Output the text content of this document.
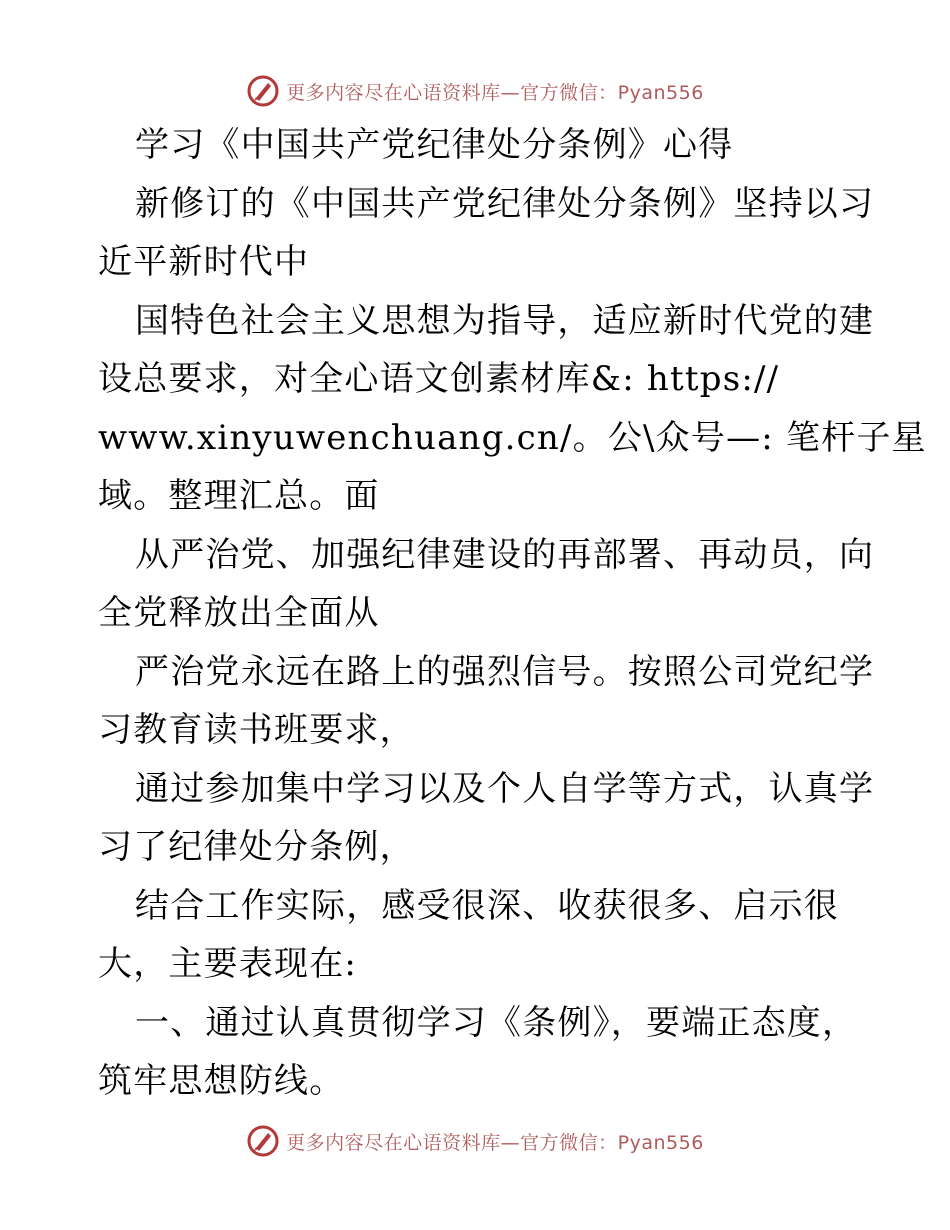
更多内容尽在心语资料库—官方微信：Pyan556
学习《中国共产党纪律处分条例》心得
新修订的《中国共产党纪律处分条例》坚持以习
近平新时代中
国特色社会主义思想为指导，适应新时代党的建
设总要求，对全心语文创素材库&: https://
www.xinyuwenchuang.cn/。公\众号—: 笔杆子星
域。整理汇总。面
从严治党、加强纪律建设的再部署、再动员，向
全党释放出全面从
严治党永远在路上的强烈信号。按照公司党纪学
习教育读书班要求，
通过参加集中学习以及个人自学等方式，认真学
习了纪律处分条例，
结合工作实际，感受很深、收获很多、启示很
大，主要表现在:
一、通过认真贯彻学习《条例》，要端正态度，
筑牢思想防线。
更多内容尽在心语资料库—官方微信：Pyan556
